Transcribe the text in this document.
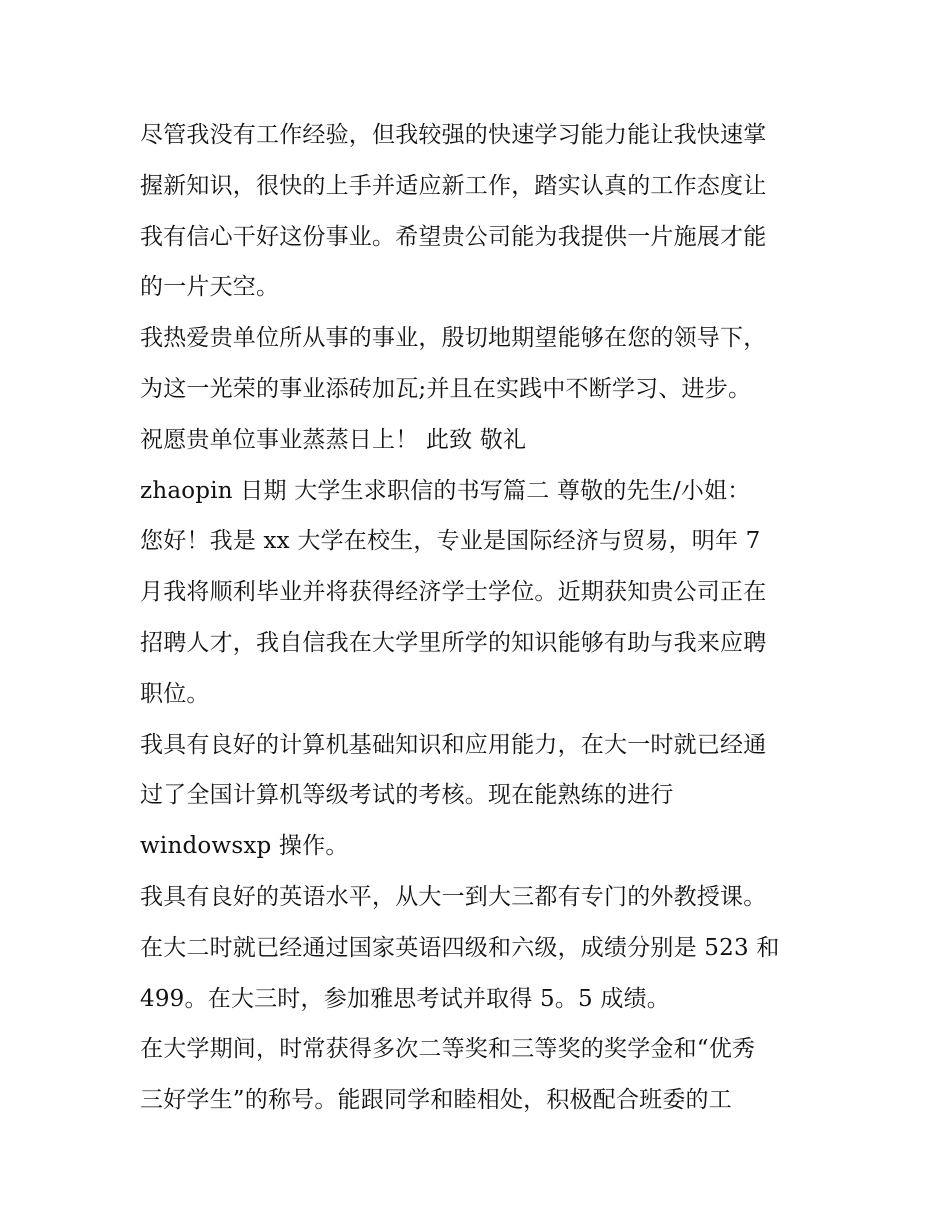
尽管我没有工作经验，但我较强的快速学习能力能让我快速掌
握新知识，很快的上手并适应新工作，踏实认真的工作态度让
我有信心干好这份事业。希望贵公司能为我提供一片施展才能
的一片天空。
我热爱贵单位所从事的事业，殷切地期望能够在您的领导下，
为这一光荣的事业添砖加瓦;并且在实践中不断学习、进步。
祝愿贵单位事业蒸蒸日上！ 此致 敬礼
zhaopin 日期 大学生求职信的书写篇二 尊敬的先生/小姐：
您好！我是 xx 大学在校生，专业是国际经济与贸易，明年 7
月我将顺利毕业并将获得经济学士学位。近期获知贵公司正在
招聘人才，我自信我在大学里所学的知识能够有助与我来应聘
职位。
我具有良好的计算机基础知识和应用能力，在大一时就已经通
过了全国计算机等级考试的考核。现在能熟练的进行
windowsxp 操作。
我具有良好的英语水平，从大一到大三都有专门的外教授课。
在大二时就已经通过国家英语四级和六级，成绩分别是 523 和
499。在大三时，参加雅思考试并取得 5。5 成绩。
在大学期间，时常获得多次二等奖和三等奖的奖学金和“优秀
三好学生”的称号。能跟同学和睦相处，积极配合班委的工
